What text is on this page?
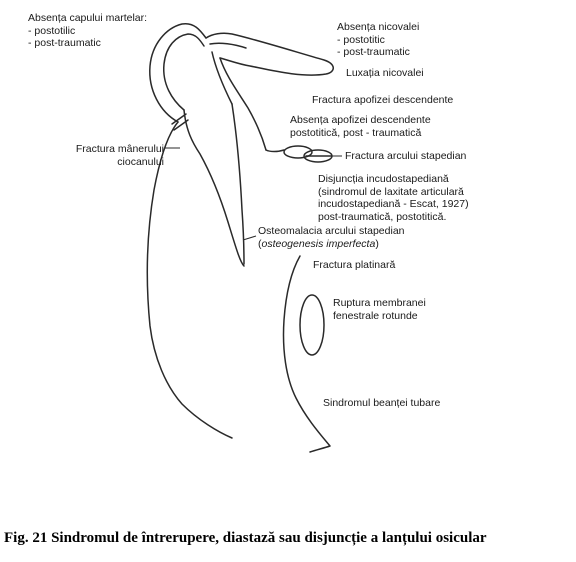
Absența capului martelar:
- postotilic
- post-traumatic
Absența nicovalei
- postotitic
- post-traumatic
Luxația nicovalei
Fractura apofizei descendente
Absența apofizei descendente
postotitică, post - traumatică
Fractura arcului stapedian
Disjuncția incudostapediană
(sindromul de laxitate articulară
incudostapediană - Escat, 1927)
post-traumatică, postotitică.
Fractura mânerului
ciocanului
Osteomalacia arcului stapedian
(osteogenesis imperfecta)
Fractura platinară
Ruptura membranei
fenestrale rotunde
Sindromul beanței tubare
Fig. 21 Sindromul de întrerupere, diastază sau disjuncție a lanțului osicular
